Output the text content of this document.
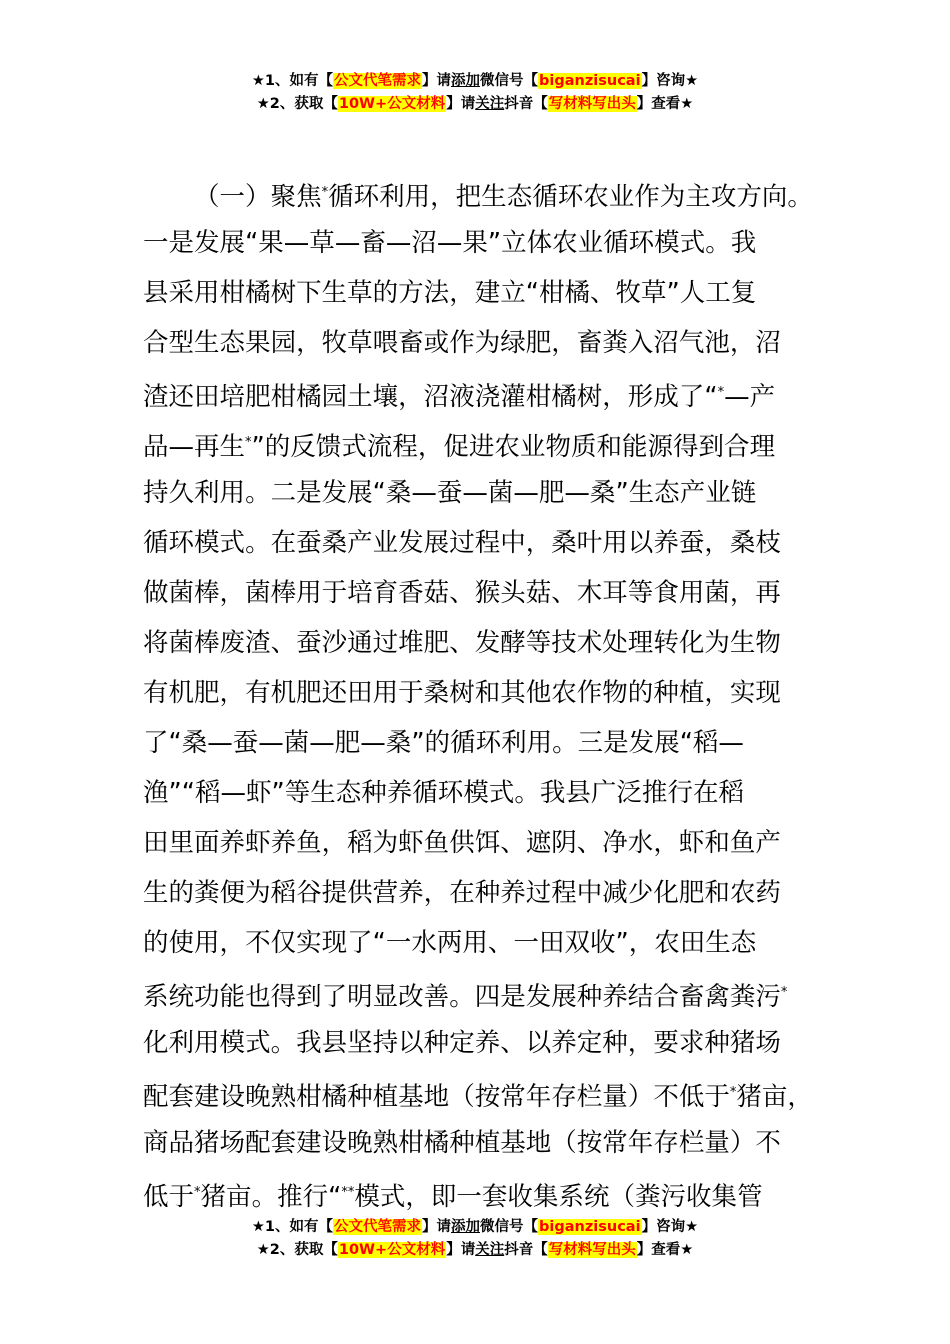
★1、如有【公文代笔需求】请添加微信号【biganzisucai】咨询★
★2、获取【10W+公文材料】请关注抖音【写材料写出头】查看★
（一）聚焦*循环利用，把生态循环农业作为主攻方向。
一是发展“果—草—畜—沼—果”立体农业循环模式。我
县采用柑橘树下生草的方法，建立“柑橘、牧草”人工复
合型生态果园，牧草喂畜或作为绿肥，畜粪入沼气池，沼
渣还田培肥柑橘园土壤，沼液浇灌柑橘树，形成了“*—产
品—再生*”的反馈式流程，促进农业物质和能源得到合理
持久利用。二是发展“桑—蚕—菌—肥—桑”生态产业链
循环模式。在蚕桑产业发展过程中，桑叶用以养蚕，桑枝
做菌棒，菌棒用于培育香菇、猴头菇、木耳等食用菌，再
将菌棒废渣、蚕沙通过堆肥、发酵等技术处理转化为生物
有机肥，有机肥还田用于桑树和其他农作物的种植，实现
了“桑—蚕—菌—肥—桑”的循环利用。三是发展“稻—
渔”“稻—虾”等生态种养循环模式。我县广泛推行在稻
田里面养虾养鱼，稻为虾鱼供饵、遮阴、净水，虾和鱼产
生的粪便为稻谷提供营养，在种养过程中减少化肥和农药
的使用，不仅实现了“一水两用、一田双收”，农田生态
系统功能也得到了明显改善。四是发展种养结合畜禽粪污*
化利用模式。我县坚持以种定养、以养定种，要求种猪场
配套建设晚熟柑橘种植基地（按常年存栏量）不低于*猪亩，
商品猪场配套建设晚熟柑橘种植基地（按常年存栏量）不
低于*猪亩。推行“**模式，即一套收集系统（粪污收集管
★1、如有【公文代笔需求】请添加微信号【biganzisucai】咨询★
★2、获取【10W+公文材料】请关注抖音【写材料写出头】查看★
